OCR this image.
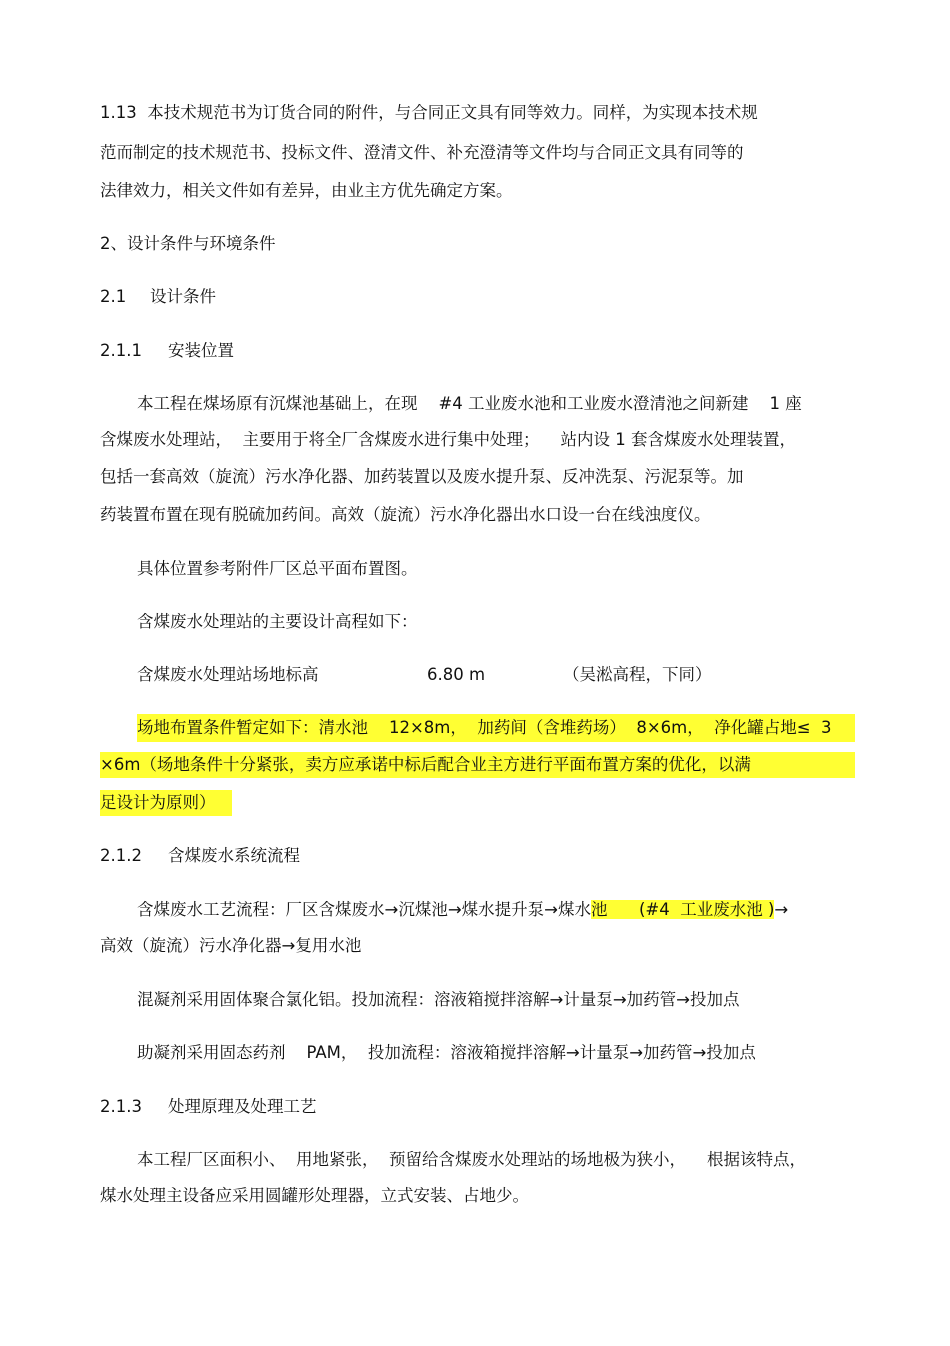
1.13  本技术规范书为订货合同的附件，与合同正文具有同等效力。同样，为实现本技术规
范而制定的技术规范书、投标文件、澄清文件、补充澄清等文件均与合同正文具有同等的
法律效力，相关文件如有差异，由业主方优先确定方案。
2、设计条件与环境条件
2.1 设计条件
2.1.1 安装位置
本工程在煤场原有沉煤池基础上，在现    #4 工业废水池和工业废水澄清池之间新建    1 座
含煤废水处理站，  主要用于将全厂含煤废水进行集中处理；    站内设 1 套含煤废水处理装置，
包括一套高效（旋流）污水净化器、加药装置以及废水提升泵、反冲洗泵、污泥泵等。加
药装置布置在现有脱硫加药间。高效（旋流）污水净化器出水口设一台在线浊度仪。
具体位置参考附件厂区总平面布置图。
含煤废水处理站的主要设计高程如下：
含煤废水处理站场地标高	6.80 m	（吴淞高程，下同）
场地布置条件暂定如下：清水池    12×8m，  加药间（含堆药场）  8×6m，  净化罐占地≤  3
×6m（场地条件十分紧张，卖方应承诺中标后配合业主方进行平面布置方案的优化，以满
足设计为原则）
2.1.2 含煤废水系统流程
含煤废水工艺流程：厂区含煤废水→沉煤池→煤水提升泵→煤水池      (#4  工业废水池 )→
高效（旋流）污水净化器→复用水池
混凝剂采用固体聚合氯化铝。投加流程：溶液箱搅拌溶解→计量泵→加药管→投加点
助凝剂采用固态药剂    PAM，  投加流程：溶液箱搅拌溶解→计量泵→加药管→投加点
2.1.3 处理原理及处理工艺
本工程厂区面积小、  用地紧张，  预留给含煤废水处理站的场地极为狭小，    根据该特点，
煤水处理主设备应采用圆罐形处理器，立式安装、占地少。
